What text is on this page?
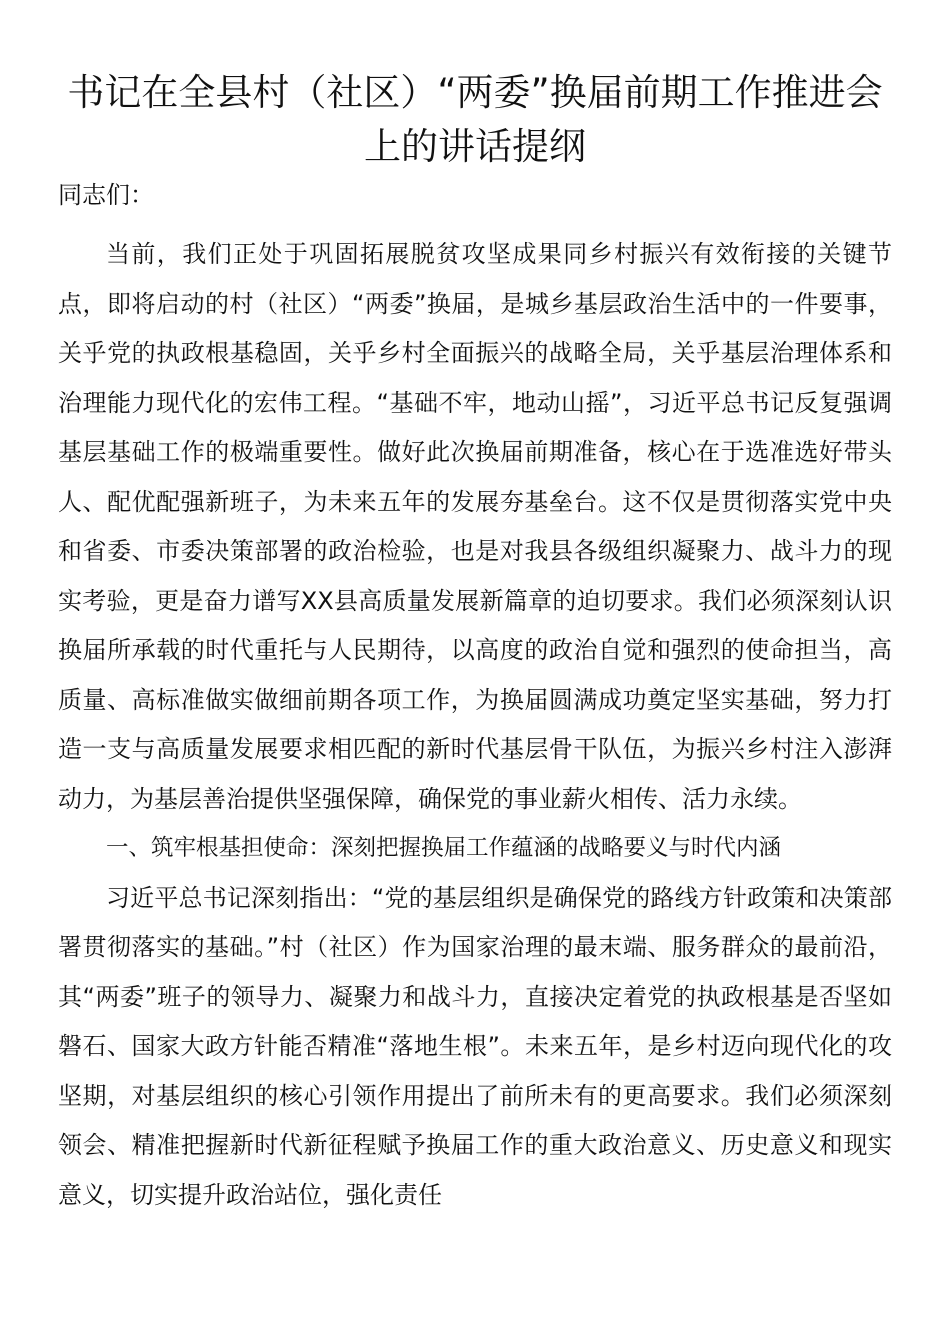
书记在全县村（社区）“两委”换届前期工作推进会上的讲话提纲

同志们：

当前，我们正处于巩固拓展脱贫攻坚成果同乡村振兴有效衔接的关键节点，即将启动的村（社区）“两委”换届，是城乡基层政治生活中的一件要事，关乎党的执政根基稳固，关乎乡村全面振兴的战略全局，关乎基层治理体系和治理能力现代化的宏伟工程。“基础不牢，地动山摇”，习近平总书记反复强调基层基础工作的极端重要性。做好此次换届前期准备，核心在于选准选好带头人、配优配强新班子，为未来五年的发展夯基垒台。这不仅是贯彻落实党中央和省委、市委决策部署的政治检验，也是对我县各级组织凝聚力、战斗力的现实考验，更是奋力谱写XX县高质量发展新篇章的迫切要求。我们必须深刻认识换届所承载的时代重托与人民期待，以高度的政治自觉和强烈的使命担当，高质量、高标准做实做细前期各项工作，为换届圆满成功奠定坚实基础，努力打造一支与高质量发展要求相匹配的新时代基层骨干队伍，为振兴乡村注入澎湃动力，为基层善治提供坚强保障，确保党的事业薪火相传、活力永续。

一、筑牢根基担使命：深刻把握换届工作蕴涵的战略要义与时代内涵

习近平总书记深刻指出：“党的基层组织是确保党的路线方针政策和决策部署贯彻落实的基础。”村（社区）作为国家治理的最末端、服务群众的最前沿，其“两委”班子的领导力、凝聚力和战斗力，直接决定着党的执政根基是否坚如磐石、国家大政方针能否精准“落地生根”。未来五年，是乡村迈向现代化的攻坚期，对基层组织的核心引领作用提出了前所未有的更高要求。我们必须深刻领会、精准把握新时代新征程赋予换届工作的重大政治意义、历史意义和现实意义，切实提升政治站位，强化责任
